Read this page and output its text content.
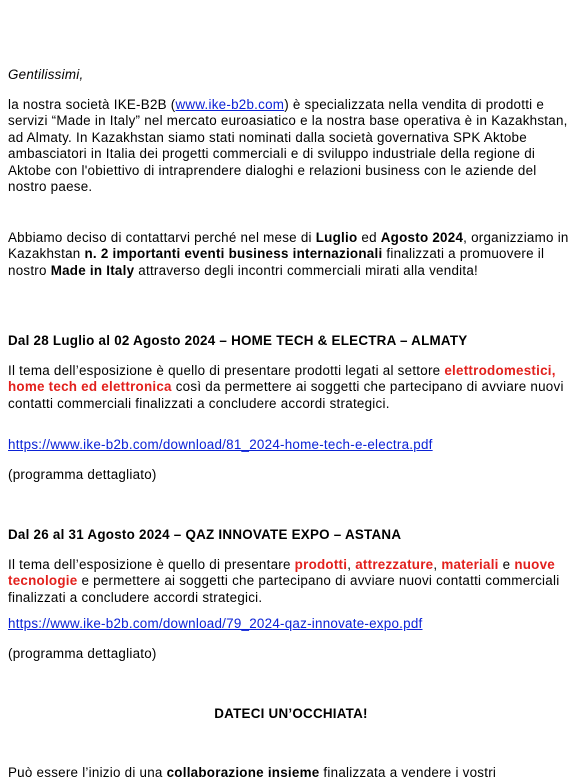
Gentilissimi,

la nostra società IKE-B2B (www.ike-b2b.com) è specializzata nella vendita di prodotti e servizi “Made in Italy” nel mercato euroasiatico e la nostra base operativa è in Kazakhstan, ad Almaty. In Kazakhstan siamo stati nominati dalla società governativa SPK Aktobe ambasciatori in Italia dei progetti commerciali e di sviluppo industriale della regione di Aktobe con l'obiettivo di intraprendere dialoghi e relazioni business con le aziende del nostro paese.

Abbiamo deciso di contattarvi perché nel mese di Luglio ed Agosto 2024, organizziamo in Kazakhstan n. 2 importanti eventi business internazionali finalizzati a promuovere il nostro Made in Italy attraverso degli incontri commerciali mirati alla vendita!

Dal 28 Luglio al 02 Agosto 2024 – HOME TECH & ELECTRA – ALMATY

Il tema dell’esposizione è quello di presentare prodotti legati al settore elettrodomestici, home tech ed elettronica così da permettere ai soggetti che partecipano di avviare nuovi contatti commerciali finalizzati a concludere accordi strategici.

https://www.ike-b2b.com/download/81_2024-home-tech-e-electra.pdf

(programma dettagliato)

Dal 26 al 31 Agosto 2024 – QAZ INNOVATE EXPO – ASTANA

Il tema dell’esposizione è quello di presentare prodotti, attrezzature, materiali e nuove tecnologie e permettere ai soggetti che partecipano di avviare nuovi contatti commerciali finalizzati a concludere accordi strategici.

https://www.ike-b2b.com/download/79_2024-qaz-innovate-expo.pdf

(programma dettagliato)

DATECI UN’OCCHIATA!

Può essere l’inizio di una collaborazione insieme finalizzata a vendere i vostri
